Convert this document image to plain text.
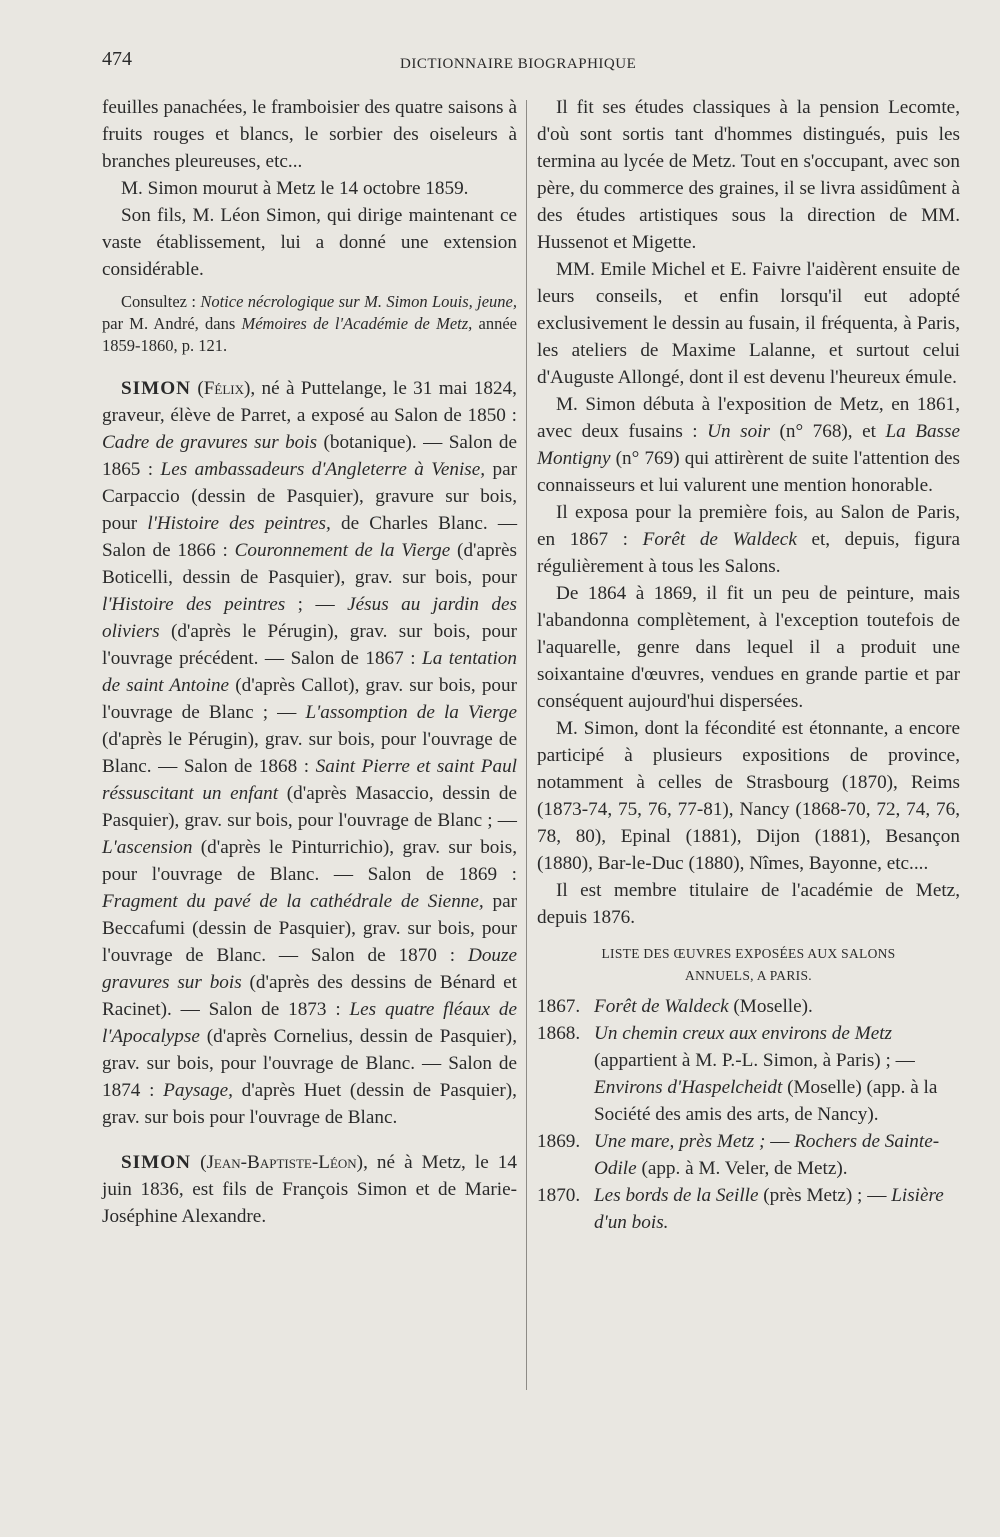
474	DICTIONNAIRE BIOGRAPHIQUE

feuilles panachées, le framboisier des quatre saisons à fruits rouges et blancs, le sorbier des oiseleurs à branches pleureuses, etc...

M. Simon mourut à Metz le 14 octobre 1859.

Son fils, M. Léon Simon, qui dirige maintenant ce vaste établissement, lui a donné une extension considérable.

Consultez : Notice nécrologique sur M. Simon Louis, jeune, par M. André, dans Mémoires de l'Académie de Metz, année 1859-1860, p. 121.

SIMON (Félix), né à Puttelange, le 31 mai 1824, graveur, élève de Parret, a exposé au Salon de 1850 : Cadre de gravures sur bois (botanique). — Salon de 1865 : Les ambassadeurs d'Angleterre à Venise, par Carpaccio (dessin de Pasquier), gravure sur bois, pour l'Histoire des peintres, de Charles Blanc. — Salon de 1866 : Couronnement de la Vierge (d'après Boticelli, dessin de Pasquier), grav. sur bois, pour l'Histoire des peintres ; — Jésus au jardin des oliviers (d'après le Pérugin), grav. sur bois, pour l'ouvrage précédent. — Salon de 1867 : La tentation de saint Antoine (d'après Callot), grav. sur bois, pour l'ouvrage de Blanc ; — L'assomption de la Vierge (d'après le Pérugin), grav. sur bois, pour l'ouvrage de Blanc. — Salon de 1868 : Saint Pierre et saint Paul réssuscitant un enfant (d'après Masaccio, dessin de Pasquier), grav. sur bois, pour l'ouvrage de Blanc ; — L'ascension (d'après le Pinturrichio), grav. sur bois, pour l'ouvrage de Blanc. — Salon de 1869 : Fragment du pavé de la cathédrale de Sienne, par Beccafumi (dessin de Pasquier), grav. sur bois, pour l'ouvrage de Blanc. — Salon de 1870 : Douze gravures sur bois (d'après des dessins de Bénard et Racinet). — Salon de 1873 : Les quatre fléaux de l'Apocalypse (d'après Cornelius, dessin de Pasquier), grav. sur bois, pour l'ouvrage de Blanc. — Salon de 1874 : Paysage, d'après Huet (dessin de Pasquier), grav. sur bois pour l'ouvrage de Blanc.

SIMON (Jean-Baptiste-Léon), né à Metz, le 14 juin 1836, est fils de François Simon et de Marie-Joséphine Alexandre.

Il fit ses études classiques à la pension Lecomte, d'où sont sortis tant d'hommes distingués, puis les termina au lycée de Metz. Tout en s'occupant, avec son père, du commerce des graines, il se livra assidûment à des études artistiques sous la direction de MM. Hussenot et Migette.

MM. Emile Michel et E. Faivre l'aidèrent ensuite de leurs conseils, et enfin lorsqu'il eut adopté exclusivement le dessin au fusain, il fréquenta, à Paris, les ateliers de Maxime Lalanne, et surtout celui d'Auguste Allongé, dont il est devenu l'heureux émule.

M. Simon débuta à l'exposition de Metz, en 1861, avec deux fusains : Un soir (n° 768), et La Basse Montigny (n° 769) qui attirèrent de suite l'attention des connaisseurs et lui valurent une mention honorable.

Il exposa pour la première fois, au Salon de Paris, en 1867 : Forêt de Waldeck et, depuis, figura régulièrement à tous les Salons.

De 1864 à 1869, il fit un peu de peinture, mais l'abandonna complètement, à l'exception toutefois de l'aquarelle, genre dans lequel il a produit une soixantaine d'œuvres, vendues en grande partie et par conséquent aujourd'hui dispersées.

M. Simon, dont la fécondité est étonnante, a encore participé à plusieurs expositions de province, notamment à celles de Strasbourg (1870), Reims (1873-74, 75, 76, 77-81), Nancy (1868-70, 72, 74, 76, 78, 80), Epinal (1881), Dijon (1881), Besançon (1880), Bar-le-Duc (1880), Nîmes, Bayonne, etc....

Il est membre titulaire de l'académie de Metz, depuis 1876.

LISTE DES ŒUVRES EXPOSÉES AUX SALONS
ANNUELS, A PARIS.
1867. Forêt de Waldeck (Moselle).
1868. Un chemin creux aux environs de Metz (appartient à M. P.-L. Simon, à Paris) ; — Environs d'Haspelcheidt (Moselle) (app. à la Société des amis des arts, de Nancy).
1869. Une mare, près Metz ; — Rochers de Sainte-Odile (app. à M. Veler, de Metz).
1870. Les bords de la Seille (près Metz) ; — Lisière d'un bois.
